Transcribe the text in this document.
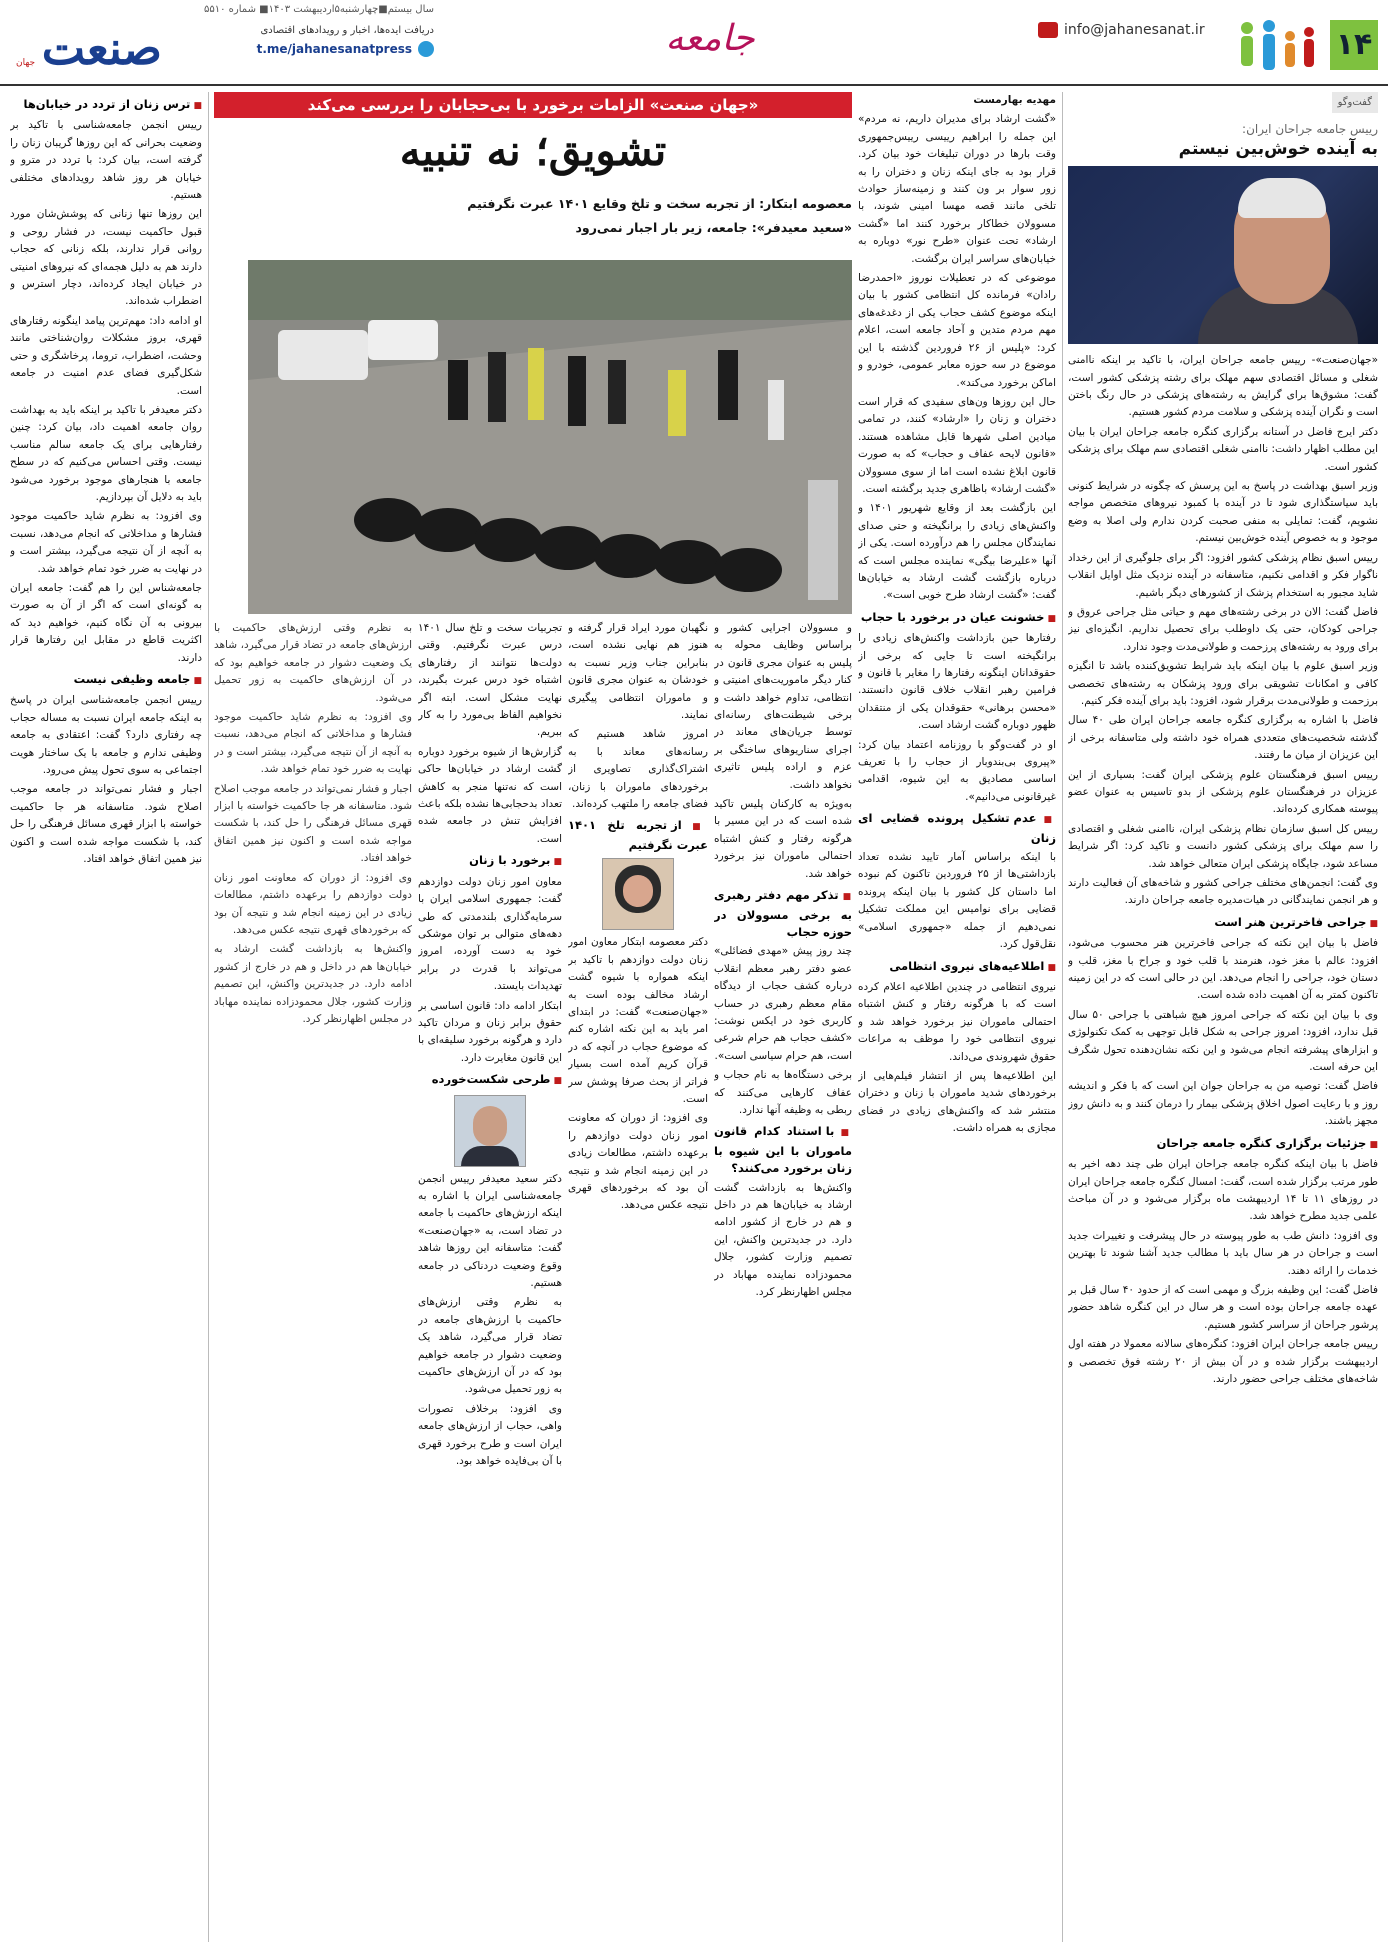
۱۴
info@jahanesanat.ir
جامعه
سال بیستم■چهارشنبه۵اردیبهشت ۱۴۰۳■ شماره ۵۵۱۰
دریافت ایده‌ها، اخبار و رویدادهای اقتصادی
t.me/jahanesanatpress
صنعت
جهان
گفت‌وگو
رییس جامعه جراحان ایران:
به آینده خوش‌بین نیستم

«جهان‌صنعت»- رییس جامعه جراحان ایران، با تاکید بر اینکه ناامنی شغلی و مسائل اقتصادی سهم مهلک برای رشته پزشکی کشور است، گفت: مشوق‌ها برای گرایش به رشته‌های پزشکی در حال رنگ باختن است و نگران آینده پزشکی و سلامت مردم کشور هستیم.

دکتر ایرج فاضل در آستانه برگزاری کنگره جامعه جراحان ایران با بیان این مطلب اظهار داشت: ناامنی شغلی اقتصادی سم مهلک برای پزشکی کشور است.

وزیر اسبق بهداشت در پاسخ به این پرسش که چگونه در شرایط کنونی باید سیاستگذاری شود تا در آینده با کمبود نیروهای متخصص مواجه نشویم، گفت: تمایلی به منفی صحبت کردن ندارم ولی اصلا به وضع موجود و به خصوص آینده خوش‌بین نیستم.

رییس اسبق نظام پزشکی کشور افزود: اگر برای جلوگیری از این رخداد ناگوار فکر و اقدامی نکنیم، متاسفانه در آینده نزدیک مثل اوایل انقلاب شاید مجبور به استخدام پزشک از کشورهای دیگر باشیم.

فاضل گفت: الان در برخی رشته‌های مهم و حیاتی مثل جراحی عروق و جراحی کودکان، حتی یک داوطلب برای تحصیل نداریم. انگیزه‌ای نیز برای ورود به رشته‌های پرزحمت و طولانی‌مدت وجود ندارد.

وزیر اسبق علوم با بیان اینکه باید شرایط تشویق‌کننده باشد تا انگیزه کافی و امکانات تشویقی برای ورود پزشکان به رشته‌های تخصصی برزحمت و طولانی‌مدت برقرار شود، افزود: باید برای آینده فکر کنیم.

فاضل با اشاره به برگزاری کنگره جامعه جراحان ایران طی ۴۰ سال گذشته شخصیت‌های متعددی همراه خود داشته ولی متاسفانه برخی از این عزیزان از میان ما رفتند.

رییس اسبق فرهنگستان علوم پزشکی ایران گفت: بسیاری از این عزیزان در فرهنگستان علوم پزشکی از بدو تاسیس به عنوان عضو پیوسته همکاری کرده‌اند.

رییس کل اسبق سازمان نظام پزشکی ایران، ناامنی شغلی و اقتصادی را سم مهلک برای پزشکی کشور دانست و تاکید کرد: اگر شرایط مساعد شود، جایگاه پزشکی ایران متعالی خواهد شد.

وی گفت: انجمن‌های مختلف جراحی کشور و شاخه‌های آن فعالیت دارند و هر انجمن نمایندگانی در هیات‌مدیره جامعه جراحان دارند.

■ جراحی فاخرترین هنر است

فاضل با بیان این نکته که جراحی فاخرترین هنر محسوب می‌شود، افزود: عالم با مغز خود، هنرمند با قلب خود و جراح با مغز، قلب و دستان خود، جراحی را انجام می‌دهد. این در حالی است که در این زمینه تاکنون کمتر به آن اهمیت داده شده است.

وی با بیان این نکته که جراحی امروز هیچ شباهتی با جراحی ۵۰ سال قبل ندارد، افزود: امروز جراحی به شکل قابل توجهی به کمک تکنولوژی و ابزارهای پیشرفته انجام می‌شود و این نکته نشان‌دهنده تحول شگرف این حرفه است.

فاضل گفت: توصیه من به جراحان جوان این است که با فکر و اندیشه روز و با رعایت اصول اخلاق پزشکی بیمار را درمان کنند و به دانش روز مجهز باشند.

■ جزئیات برگزاری کنگره جامعه جراحان

فاضل با بیان اینکه کنگره جامعه جراحان ایران طی چند دهه اخیر به طور مرتب برگزار شده است، گفت: امسال کنگره جامعه جراحان ایران در روزهای ۱۱ تا ۱۴ اردیبهشت ماه برگزار می‌شود و در آن مباحث علمی جدید مطرح خواهد شد.

وی افزود: دانش طب به طور پیوسته در حال پیشرفت و تغییرات جدید است و جراحان در هر سال باید با مطالب جدید آشنا شوند تا بهترین خدمات را ارائه دهند.

فاضل گفت: این وظیفه بزرگ و مهمی است که از حدود ۴۰ سال قبل بر عهده جامعه جراحان بوده است و هر سال در این کنگره شاهد حضور پرشور جراحان از سراسر کشور هستیم.

رییس جامعه جراحان ایران افزود: کنگره‌های سالانه معمولا در هفته اول اردیبهشت برگزار شده و در آن بیش از ۲۰ رشته فوق تخصصی و شاخه‌های مختلف جراحی حضور دارند.

«جهان صنعت» الزامات برخورد با بی‌حجابان را بررسی می‌کند
تشویق؛ نه تنبیه
معصومه ابتکار: از تجربه سخت و تلخ وقایع ۱۴۰۱ عبرت نگرفتیم
«سعید معیدفر»: جامعه، زیر بار اجبار نمی‌رود

مهدیه بهارمست

«گشت ارشاد برای مدیران داریم، نه مردم» این جمله را ابراهیم رییسی رییس‌جمهوری وقت بارها در دوران تبلیغات خود بیان کرد. قرار بود به جای اینکه زنان و دختران را به زور سوار بر ون کنند و زمینه‌ساز حوادث تلخی مانند قصه مهسا امینی شوند، با مسوولان خطاکار برخورد کنند اما «گشت ارشاد» تحت عنوان «طرح نور» دوباره به خیابان‌های سراسر ایران برگشت.

موضوعی که در تعطیلات نوروز «احمدرضا رادان» فرمانده کل انتظامی کشور با بیان اینکه موضوع کشف حجاب یکی از دغدغه‌های مهم مردم متدین و آحاد جامعه است، اعلام کرد: «پلیس از ۲۶ فروردین گذشته با این موضوع در سه حوزه معابر عمومی، خودرو و اماکن برخورد می‌کند».

حال این روزها ون‌های سفیدی که قرار است دختران و زنان را «ارشاد» کنند، در تمامی میادین اصلی شهرها قابل مشاهده هستند. «قانون لایحه عفاف و حجاب» که به صورت قانون ابلاغ نشده است اما از سوی مسوولان «گشت ارشاد» باظاهری جدید برگشته است.

این بازگشت بعد از وقایع شهریور ۱۴۰۱ و واکنش‌های زیادی را برانگیخته و حتی صدای نمایندگان مجلس را هم درآورده است. یکی از آنها «علیرضا بیگی» نماینده مجلس است که درباره بازگشت گشت ارشاد به خیابان‌ها گفت: «گشت ارشاد طرح خوبی است».

■ خشونت عیان در برخورد با حجاب

رفتارها حین بازداشت واکنش‌های زیادی را برانگیخته است تا جایی که برخی از حقوقدانان اینگونه رفتارها را مغایر با قانون و فرامین رهبر انقلاب خلاف قانون دانستند. «محسن برهانی» حقوقدان یکی از منتقدان ظهور دوباره گشت ارشاد است.

او در گفت‌وگو با روزنامه اعتماد بیان کرد: «پیروی بی‌بندوبار از حجاب را با تعریف اساسی مصادیق به این شیوه، اقدامی غیرقانونی می‌دانیم».

■ عدم تشکیل پرونده قضایی ای زنان

با اینکه براساس آمار تایید نشده تعداد بازداشتی‌ها از ۲۵ فروردین تاکنون کم نبوده اما داستان کل کشور با بیان اینکه پرونده قضایی برای نوامیس این مملکت تشکیل نمی‌دهیم از جمله «جمهوری اسلامی» نقل‌قول کرد.

■ اطلاعیه‌های نیروی انتظامی

نیروی انتظامی در چندین اطلاعیه اعلام کرده است که با هرگونه رفتار و کنش اشتباه احتمالی ماموران نیز برخورد خواهد شد و نیروی انتظامی خود را موظف به مراعات حقوق شهروندی می‌داند.

این اطلاعیه‌ها پس از انتشار فیلم‌هایی از برخوردهای شدید ماموران با زنان و دختران منتشر شد که واکنش‌های زیادی در فضای مجازی به همراه داشت.

و مسوولان اجرایی کشور و براساس وظایف محوله به پلیس به عنوان مجری قانون در کنار دیگر ماموریت‌های امنیتی و انتظامی، تداوم خواهد داشت و برخی شیطنت‌های رسانه‌ای توسط جریان‌های معاند در اجرای سناریوهای ساختگی بر عزم و اراده پلیس تاثیری نخواهد داشت.

به‌ویژه به کارکنان پلیس تاکید شده است که در این مسیر با هرگونه رفتار و کنش اشتباه احتمالی ماموران نیز برخورد خواهد شد.

■ تذکر مهم دفتر رهبری به برخی مسوولان در حوزه حجاب

چند روز پیش «مهدی فضائلی» عضو دفتر رهبر معظم انقلاب درباره کشف حجاب از دیدگاه مقام معظم رهبری در حساب کاربری خود در ایکس نوشت: «کشف حجاب هم حرام شرعی است، هم حرام سیاسی است».

برخی دستگاه‌ها به نام حجاب و عفاف کارهایی می‌کنند که ربطی به وظیفه آنها ندارد.

■ با استناد کدام قانون ماموران با این شیوه با زنان برخورد می‌کنند؟

واکنش‌ها به بازداشت گشت ارشاد به خیابان‌ها هم در داخل و هم در خارج از کشور ادامه دارد. در جدیدترین واکنش، این تصمیم وزارت کشور، جلال محمودزاده نماینده مهاباد در مجلس اظهارنظر کرد.

نگهبان مورد ایراد قرار گرفته و هنوز هم نهایی نشده است، بنابراین جناب وزیر نسبت به خودشان به عنوان مجری قانون و ماموران انتظامی پیگیری نمایند.

امروز شاهد هستیم که رسانه‌های معاند با به اشتراک‌گذاری تصاویری از برخوردهای ماموران با زنان، فضای جامعه را ملتهب کرده‌اند.

■ از تجربه تلخ ۱۴۰۱ عبرت نگرفتیم

دکتر معصومه ابتکار معاون امور زنان دولت دوازدهم با تاکید بر اینکه همواره با شیوه گشت ارشاد مخالف بوده است به «جهان‌صنعت» گفت: در ابتدای امر باید به این نکته اشاره کنم که موضوع حجاب در آنچه که در قرآن کریم آمده است بسیار فراتر از بحث صرفا پوشش سر است.

وی افزود: از دوران که معاونت امور زنان دولت دوازدهم را برعهده داشتم، مطالعات زیادی در این زمینه انجام شد و نتیجه آن بود که برخوردهای قهری نتیجه عکس می‌دهد.

تجربیات سخت و تلخ سال ۱۴۰۱ درس عبرت نگرفتیم. وقتی دولت‌ها نتوانند از رفتارهای اشتباه خود درس عبرت بگیرند، نهایت مشکل است. ابته اگر نخواهیم الفاظ بی‌مورد را به کار ببریم.

گزارش‌ها از شیوه برخورد دوباره گشت ارشاد در خیابان‌ها حاکی است که نه‌تنها منجر به کاهش تعداد بدحجابی‌ها نشده بلکه باعث افزایش تنش در جامعه شده است.

■ برخورد با زنان

معاون امور زنان دولت دوازدهم گفت: جمهوری اسلامی ایران با سرمایه‌گذاری بلندمدتی که طی دهه‌های متوالی بر توان موشکی خود به دست آورده، امروز می‌تواند با قدرت در برابر تهدیدات بایستد.

ابتکار ادامه داد: قانون اساسی بر حقوق برابر زنان و مردان تاکید دارد و هرگونه برخورد سلیقه‌ای با این قانون مغایرت دارد.

■ طرحی شکست‌خورده

دکتر سعید معیدفر رییس انجمن جامعه‌شناسی ایران با اشاره به اینکه ارزش‌های حاکمیت با جامعه در تضاد است، به «جهان‌صنعت» گفت: متاسفانه این روزها شاهد وقوع وضعیت دردناکی در جامعه هستیم.

به نظرم وقتی ارزش‌های حاکمیت با ارزش‌های جامعه در تضاد قرار می‌گیرد، شاهد یک وضعیت دشوار در جامعه خواهیم بود که در آن ارزش‌های حاکمیت به زور تحمیل می‌شود.

وی افزود: برخلاف تصورات واهی، حجاب از ارزش‌های جامعه ایران است و طرح برخورد قهری با آن بی‌فایده خواهد بود.

■ ترس زنان از تردد در خیابان‌ها

رییس انجمن جامعه‌شناسی با تاکید بر وضعیت بحرانی که این روزها گریبان زنان را گرفته است، بیان کرد: با تردد در مترو و خیابان هر روز شاهد رویدادهای مختلفی هستیم.

این روزها تنها زنانی که پوشش‌شان مورد قبول حاکمیت نیست، در فشار روحی و روانی قرار ندارند، بلکه زنانی که حجاب دارند هم به دلیل هجمه‌ای که نیروهای امنیتی در خیابان ایجاد کرده‌اند، دچار استرس و اضطراب شده‌اند.

او ادامه داد: مهم‌ترین پیامد اینگونه رفتارهای قهری، بروز مشکلات روان‌شناختی مانند وحشت، اضطراب، تروما، پرخاشگری و حتی شکل‌گیری فضای عدم امنیت در جامعه است.

دکتر معیدفر با تاکید بر اینکه باید به بهداشت روان جامعه اهمیت داد، بیان کرد: چنین رفتارهایی برای یک جامعه سالم مناسب نیست. وقتی احساس می‌کنیم که در سطح جامعه با هنجارهای موجود برخورد می‌شود باید به دلایل آن بپردازیم.

وی افزود: به نظرم شاید حاکمیت موجود فشارها و مداخلاتی که انجام می‌دهد، نسبت به آنچه از آن نتیجه می‌گیرد، بیشتر است و در نهایت به ضرر خود تمام خواهد شد.

جامعه‌شناس این را هم گفت: جامعه ایران به گونه‌ای است که اگر از آن به صورت بیرونی به آن نگاه کنیم، خواهیم دید که اکثریت قاطع در مقابل این رفتارها قرار دارند.

■ جامعه وظیفی نیست

رییس انجمن جامعه‌شناسی ایران در پاسخ به اینکه جامعه ایران نسبت به مساله حجاب چه رفتاری دارد؟ گفت: اعتقادی به جامعه وظیفی ندارم و جامعه با یک ساختار هویت اجتماعی به سوی تحول پیش می‌رود.

اجبار و فشار نمی‌تواند در جامعه موجب اصلاح شود. متاسفانه هر جا حاکمیت خواسته با ابزار قهری مسائل فرهنگی را حل کند، با شکست مواجه شده است و اکنون نیز همین اتفاق خواهد افتاد.

به نظرم وقتی ارزش‌های حاکمیت با ارزش‌های جامعه در تضاد قرار می‌گیرد، شاهد یک وضعیت دشوار در جامعه خواهیم بود که در آن ارزش‌های حاکمیت به زور تحمیل می‌شود.

وی افزود: به نظرم شاید حاکمیت موجود فشارها و مداخلاتی که انجام می‌دهد، نسبت به آنچه از آن نتیجه می‌گیرد، بیشتر است و در نهایت به ضرر خود تمام خواهد شد.

اجبار و فشار نمی‌تواند در جامعه موجب اصلاح شود. متاسفانه هر جا حاکمیت خواسته با ابزار قهری مسائل فرهنگی را حل کند، با شکست مواجه شده است و اکنون نیز همین اتفاق خواهد افتاد.

وی افزود: از دوران که معاونت امور زنان دولت دوازدهم را برعهده داشتم، مطالعات زیادی در این زمینه انجام شد و نتیجه آن بود که برخوردهای قهری نتیجه عکس می‌دهد.

واکنش‌ها به بازداشت گشت ارشاد به خیابان‌ها هم در داخل و هم در خارج از کشور ادامه دارد. در جدیدترین واکنش، این تصمیم وزارت کشور، جلال محمودزاده نماینده مهاباد در مجلس اظهارنظر کرد.
